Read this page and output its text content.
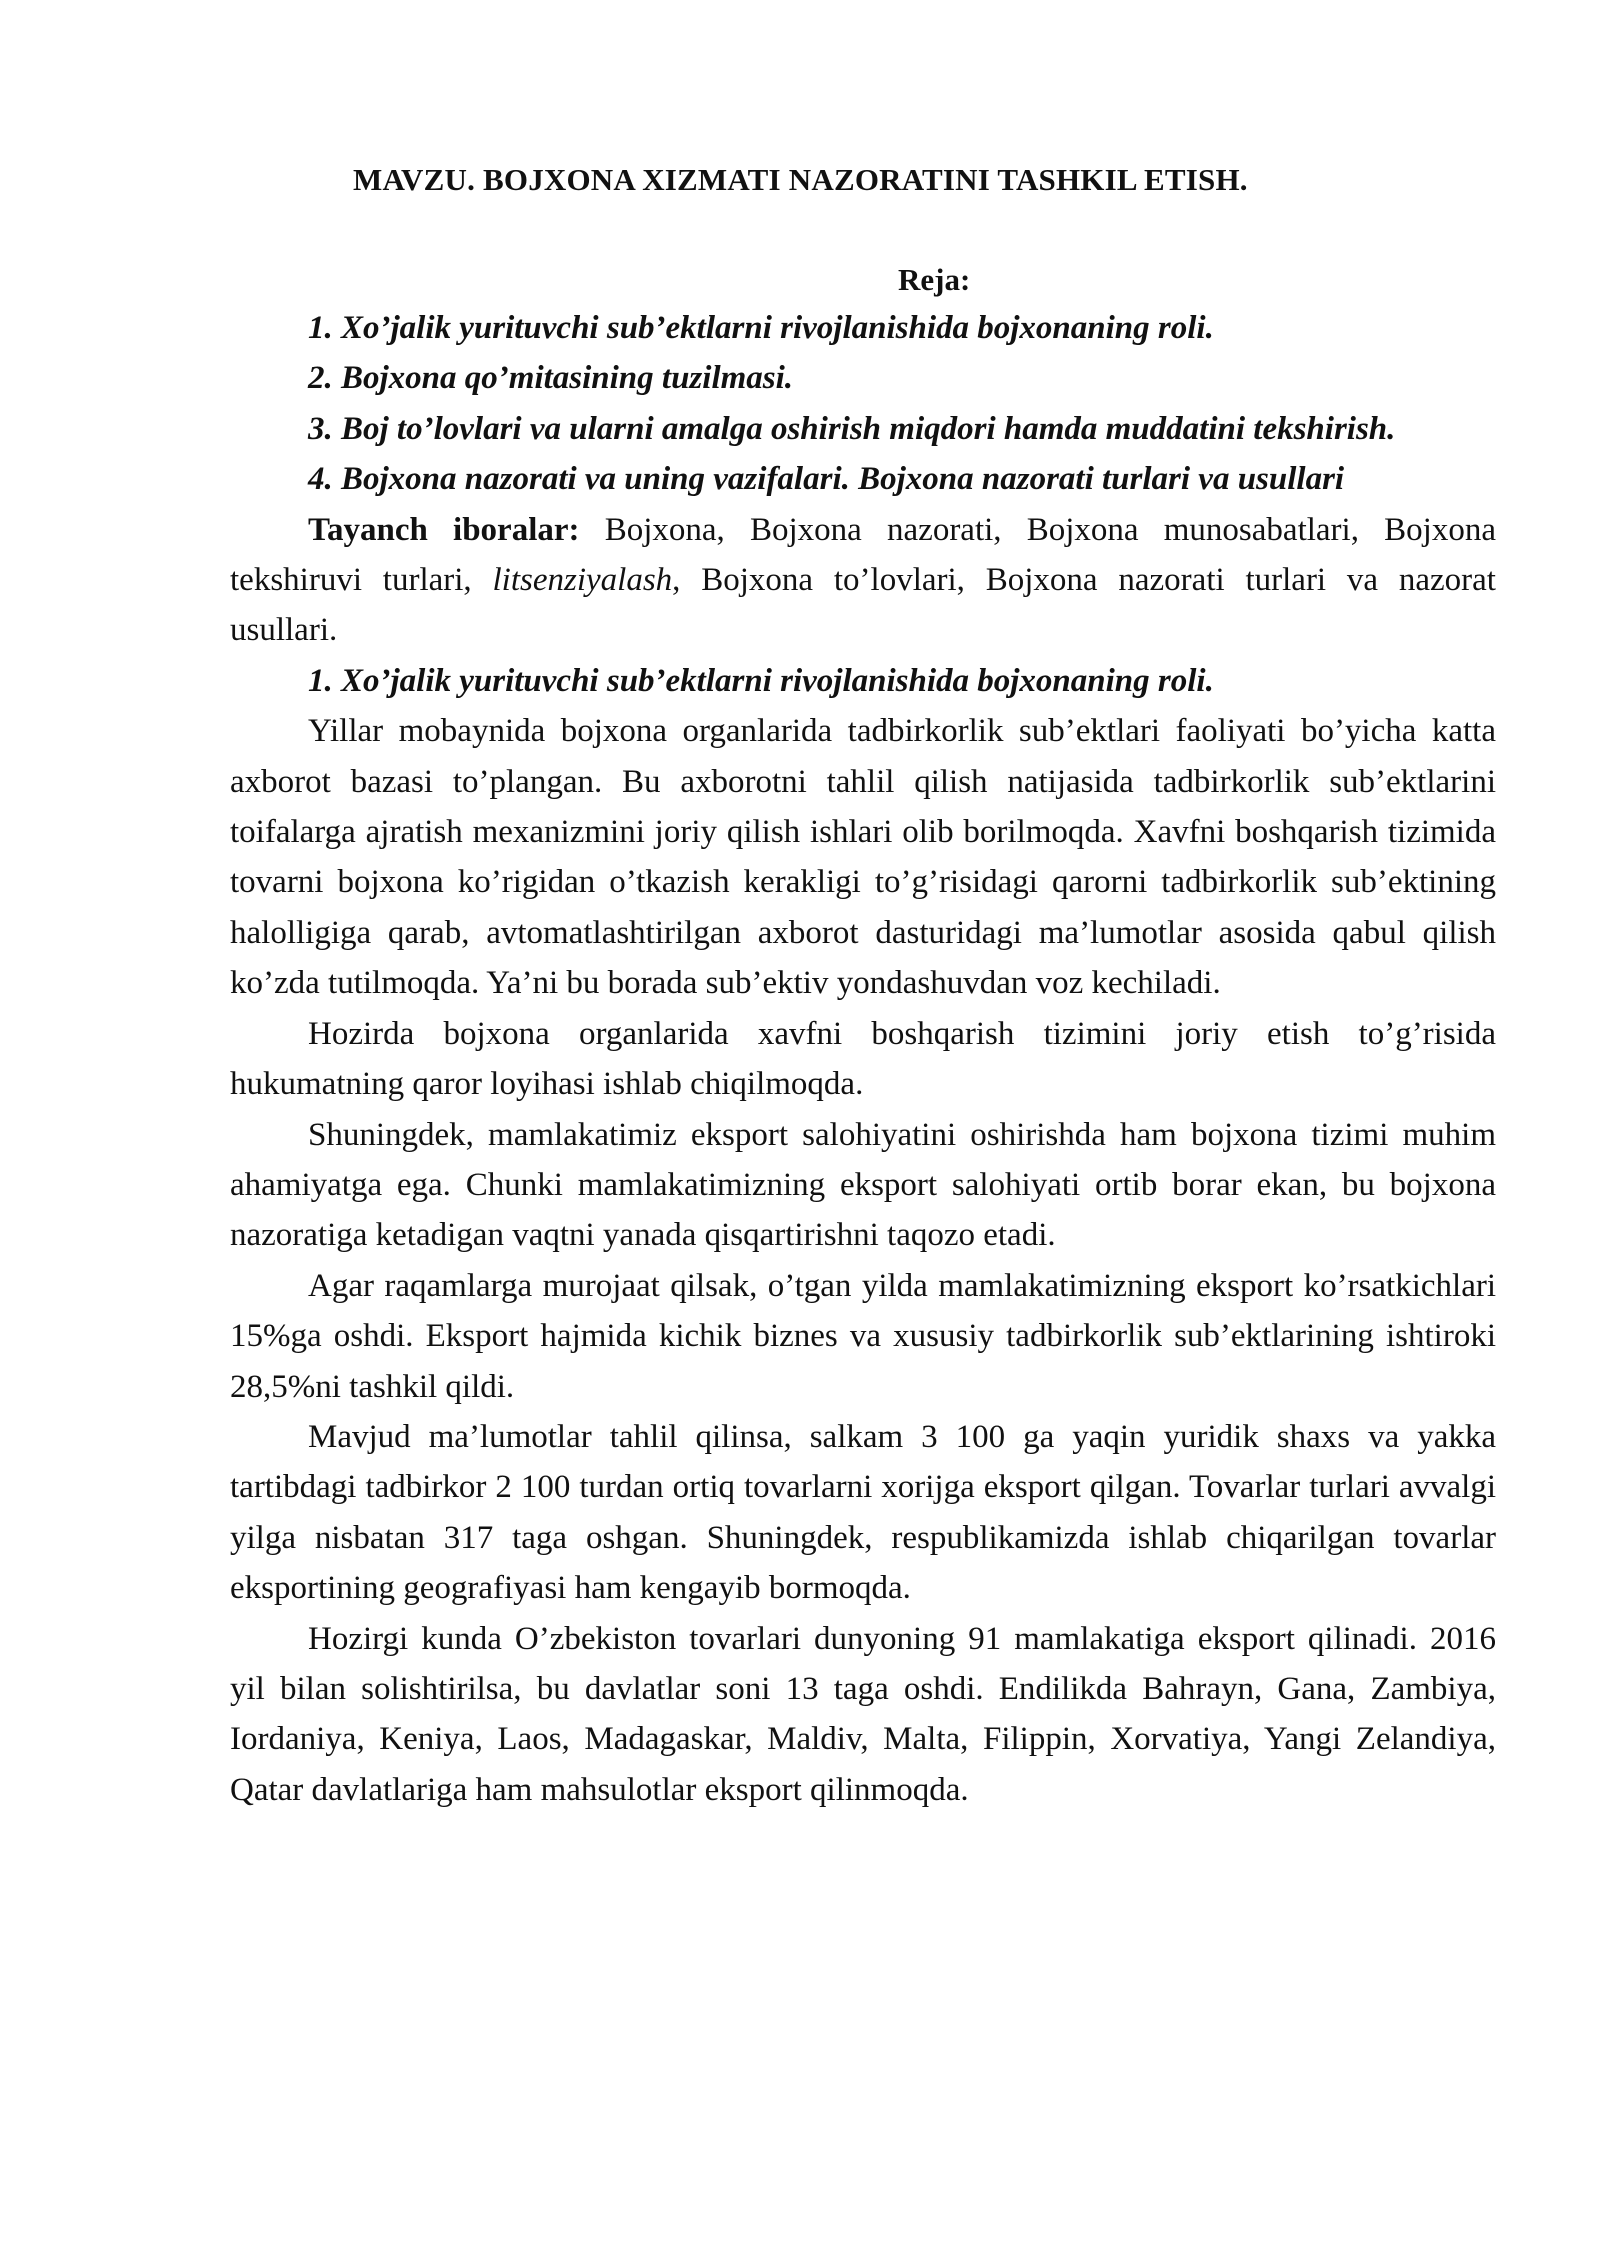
MAVZU. BOJXONA XIZMATI NAZORATINI TASHKIL ETISH.
Reja:

1. Xo’jalik yurituvchi sub’ektlarni rivojlanishida bojxonaning roli.

2. Bojxona qo’mitasining tuzilmasi.

3. Boj to’lovlari va ularni amalga oshirish miqdori hamda muddatini tekshirish.

4. Bojxona nazorati va uning vazifalari. Bojxona nazorati turlari va usullari

Tayanch iboralar: Bojxona, Bojxona nazorati, Bojxona munosabatlari, Bojxona tekshiruvi turlari, litsenziyalash, Bojxona to’lovlari, Bojxona nazorati turlari va nazorat usullari.

1. Xo’jalik yurituvchi sub’ektlarni rivojlanishida bojxonaning roli.

Yillar mobaynida bojxona organlarida tadbirkorlik sub’ektlari faoliyati bo’yicha katta axborot bazasi to’plangan. Bu axborotni tahlil qilish natijasida tadbirkorlik sub’ektlarini toifalarga ajratish mexanizmini joriy qilish ishlari olib borilmoqda. Xavfni boshqarish tizimida tovarni bojxona ko’rigidan o’tkazish kerakligi to’g’risidagi qarorni tadbirkorlik sub’ektining halolligiga qarab, avtomatlashtirilgan axborot dasturidagi ma’lumotlar asosida qabul qilish ko’zda tutilmoqda. Ya’ni bu borada sub’ektiv yondashuvdan voz kechiladi.

Hozirda bojxona organlarida xavfni boshqarish tizimini joriy etish to’g’risida hukumatning qaror loyihasi ishlab chiqilmoqda.

Shuningdek, mamlakatimiz eksport salohiyatini oshirishda ham bojxona tizimi muhim ahamiyatga ega. Chunki mamlakatimizning eksport salohiyati ortib borar ekan, bu bojxona nazoratiga ketadigan vaqtni yanada qisqartirishni taqozo etadi.

Agar raqamlarga murojaat qilsak, o’tgan yilda mamlakatimizning eksport ko’rsatkichlari 15%ga oshdi. Eksport hajmida kichik biznes va xususiy tadbirkorlik sub’ektlarining ishtiroki 28,5%ni tashkil qildi.

Mavjud ma’lumotlar tahlil qilinsa, salkam 3 100 ga yaqin yuridik shaxs va yakka tartibdagi tadbirkor 2 100 turdan ortiq tovarlarni xorijga eksport qilgan. Tovarlar turlari avvalgi yilga nisbatan 317 taga oshgan. Shuningdek, respublikamizda ishlab chiqarilgan tovarlar eksportining geografiyasi ham kengayib bormoqda.

Hozirgi kunda O’zbekiston tovarlari dunyoning 91 mamlakatiga eksport qilinadi. 2016 yil bilan solishtirilsa, bu davlatlar soni 13 taga oshdi. Endilikda Bahrayn, Gana, Zambiya, Iordaniya, Keniya, Laos, Madagaskar, Maldiv, Malta, Filippin, Xorvatiya, Yangi Zelandiya, Qatar davlatlariga ham mahsulotlar eksport qilinmoqda.
